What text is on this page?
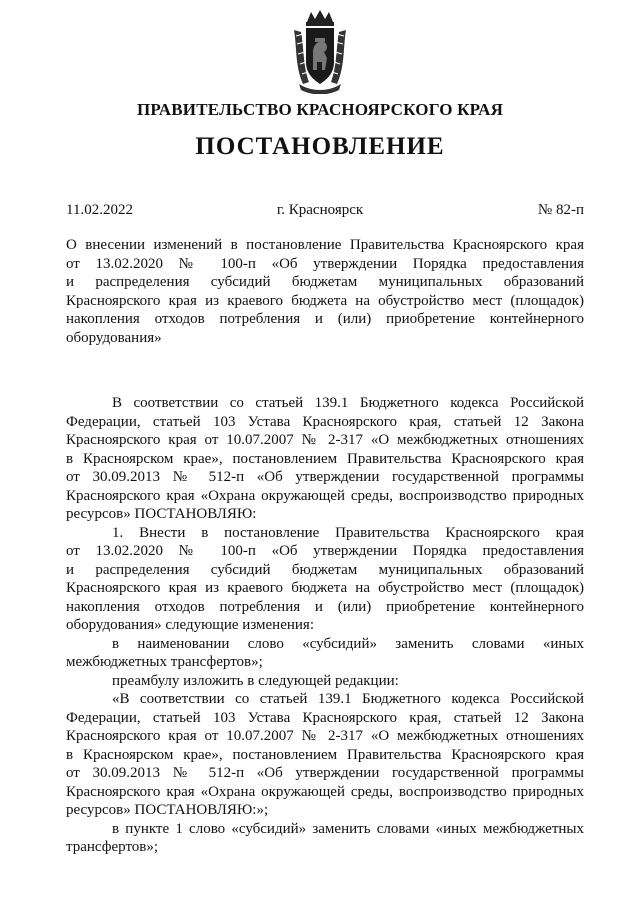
ПРАВИТЕЛЬСТВО КРАСНОЯРСКОГО КРАЯ
ПОСТАНОВЛЕНИЕ
11.02.2022	г. Красноярск	№ 82-п
О внесении изменений в постановление Правительства Красноярского края
от 13.02.2020 № 100-п «Об утверждении Порядка предоставления
и распределения субсидий бюджетам муниципальных образований
Красноярского края из краевого бюджета на обустройство мест (площадок)
накопления отходов потребления и (или) приобретение контейнерного
оборудования»
В соответствии со статьей 139.1 Бюджетного кодекса Российской
Федерации, статьей 103 Устава Красноярского края, статьей 12 Закона
Красноярского края от 10.07.2007 № 2-317 «О межбюджетных отношениях
в Красноярском крае», постановлением Правительства Красноярского края
от 30.09.2013 № 512-п «Об утверждении государственной программы
Красноярского края «Охрана окружающей среды, воспроизводство природных
ресурсов» ПОСТАНОВЛЯЮ:
1. Внести в постановление Правительства Красноярского края
от 13.02.2020 № 100-п «Об утверждении Порядка предоставления
и распределения субсидий бюджетам муниципальных образований
Красноярского края из краевого бюджета на обустройство мест (площадок)
накопления отходов потребления и (или) приобретение контейнерного
оборудования» следующие изменения:
в наименовании слово «субсидий» заменить словами «иных
межбюджетных трансфертов»;
преамбулу изложить в следующей редакции:
«В соответствии со статьей 139.1 Бюджетного кодекса Российской
Федерации, статьей 103 Устава Красноярского края, статьей 12 Закона
Красноярского края от 10.07.2007 № 2-317 «О межбюджетных отношениях
в Красноярском крае», постановлением Правительства Красноярского края
от 30.09.2013 № 512-п «Об утверждении государственной программы
Красноярского края «Охрана окружающей среды, воспроизводство природных
ресурсов» ПОСТАНОВЛЯЮ:»;
в пункте 1 слово «субсидий» заменить словами «иных межбюджетных
трансфертов»;
